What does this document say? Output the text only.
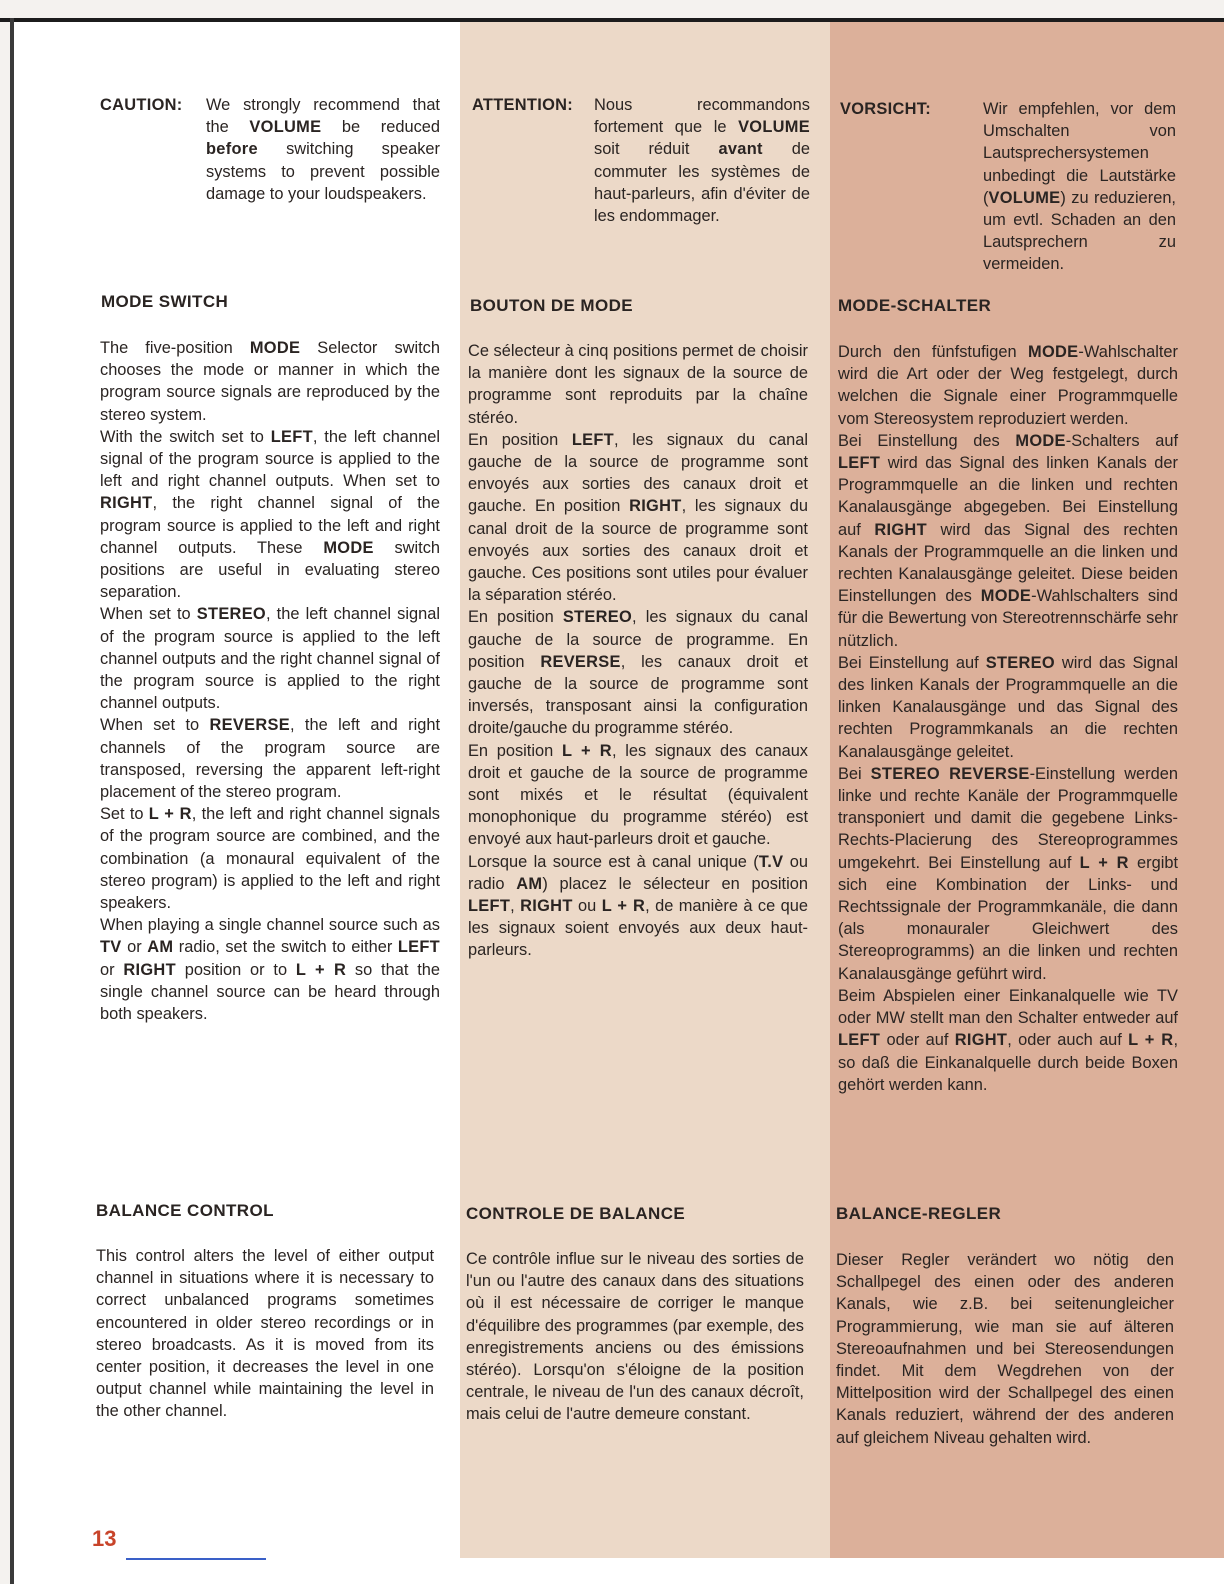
CAUTION: We strongly recommend that the VOLUME be reduced before switching speaker systems to prevent possible damage to your loudspeakers.

ATTENTION: Nous recommandons fortement que le VOLUME soit réduit avant de commuter les systèmes de haut-parleurs, afin d'éviter de les endommager.

VORSICHT:	Wir empfehlen, vor dem Umschalten von Lautsprechersystemen unbedingt die Lautstärke (VOLUME) zu reduzieren, um evtl. Schaden an den Lautsprechern zu vermeiden.

MODE SWITCH	BOUTON DE MODE	MODE-SCHALTER

The five-position MODE Selector switch chooses the mode or manner in which the program source signals are reproduced by the stereo system.

With the switch set to LEFT, the left channel signal of the program source is applied to the left and right channel outputs. When set to RIGHT, the right channel signal of the program source is applied to the left and right channel outputs. These MODE switch positions are useful in evaluating stereo separation.

When set to STEREO, the left channel signal of the program source is applied to the left channel outputs and the right channel signal of the program source is applied to the right channel outputs.

When set to REVERSE, the left and right channels of the program source are transposed, reversing the apparent left-right placement of the stereo program.

Set to L + R, the left and right channel signals of the program source are combined, and the combination (a monaural equivalent of the stereo program) is applied to the left and right speakers.

When playing a single channel source such as TV or AM radio, set the switch to either LEFT or RIGHT position or to L + R so that the single channel source can be heard through both speakers.

Ce sélecteur à cinq positions permet de choisir la manière dont les signaux de la source de programme sont reproduits par la chaîne stéréo.

En position LEFT, les signaux du canal gauche de la source de programme sont envoyés aux sorties des canaux droit et gauche. En position RIGHT, les signaux du canal droit de la source de programme sont envoyés aux sorties des canaux droit et gauche. Ces positions sont utiles pour évaluer la séparation stéréo.

En position STEREO, les signaux du canal gauche de la source de programme. En position REVERSE, les canaux droit et gauche de la source de programme sont inversés, transposant ainsi la configuration droite/gauche du programme stéréo.

En position L + R, les signaux des canaux droit et gauche de la source de programme sont mixés et le résultat (équivalent monophonique du programme stéréo) est envoyé aux haut-parleurs droit et gauche.

Lorsque la source est à canal unique (T.V ou radio AM) placez le sélecteur en position LEFT, RIGHT ou L + R, de manière à ce que les signaux soient envoyés aux deux haut-parleurs.

Durch den fünfstufigen MODE-Wahlschalter wird die Art oder der Weg festgelegt, durch welchen die Signale einer Programmquelle vom Stereosystem reproduziert werden.

Bei Einstellung des MODE-Schalters auf LEFT wird das Signal des linken Kanals der Programmquelle an die linken und rechten Kanalausgänge abgegeben. Bei Einstellung auf RIGHT wird das Signal des rechten Kanals der Programmquelle an die linken und rechten Kanalausgänge geleitet. Diese beiden Einstellungen des MODE-Wahlschalters sind für die Bewertung von Stereotrennschärfe sehr nützlich.

Bei Einstellung auf STEREO wird das Signal des linken Kanals der Programmquelle an die linken Kanalausgänge und das Signal des rechten Programmkanals an die rechten Kanalausgänge geleitet.

Bei STEREO REVERSE-Einstellung werden linke und rechte Kanäle der Programmquelle transponiert und damit die gegebene Links-Rechts-Placierung des Stereoprogrammes umgekehrt. Bei Einstellung auf L + R ergibt sich eine Kombination der Links- und Rechtssignale der Programmkanäle, die dann (als monauraler Gleichwert des Stereoprogramms) an die linken und rechten Kanalausgänge geführt wird.

Beim Abspielen einer Einkanalquelle wie TV oder MW stellt man den Schalter entweder auf LEFT oder auf RIGHT, oder auch auf L + R, so daß die Einkanalquelle durch beide Boxen gehört werden kann.

BALANCE CONTROL	CONTROLE DE BALANCE	BALANCE-REGLER

This control alters the level of either output channel in situations where it is necessary to correct unbalanced programs sometimes encountered in older stereo recordings or in stereo broadcasts. As it is moved from its center position, it decreases the level in one output channel while maintaining the level in the other channel.

Ce contrôle influe sur le niveau des sorties de l'un ou l'autre des canaux dans des situations où il est nécessaire de corriger le manque d'équilibre des programmes (par exemple, des enregistrements anciens ou des émissions stéréo). Lorsqu'on s'éloigne de la position centrale, le niveau de l'un des canaux décroît, mais celui de l'autre demeure constant.

Dieser Regler verändert wo nötig den Schallpegel des einen oder des anderen Kanals, wie z.B. bei seitenungleicher Programmierung, wie man sie auf älteren Stereoaufnahmen und bei Stereosendungen findet. Mit dem Wegdrehen von der Mittelposition wird der Schallpegel des einen Kanals reduziert, während der des anderen auf gleichem Niveau gehalten wird.

13
